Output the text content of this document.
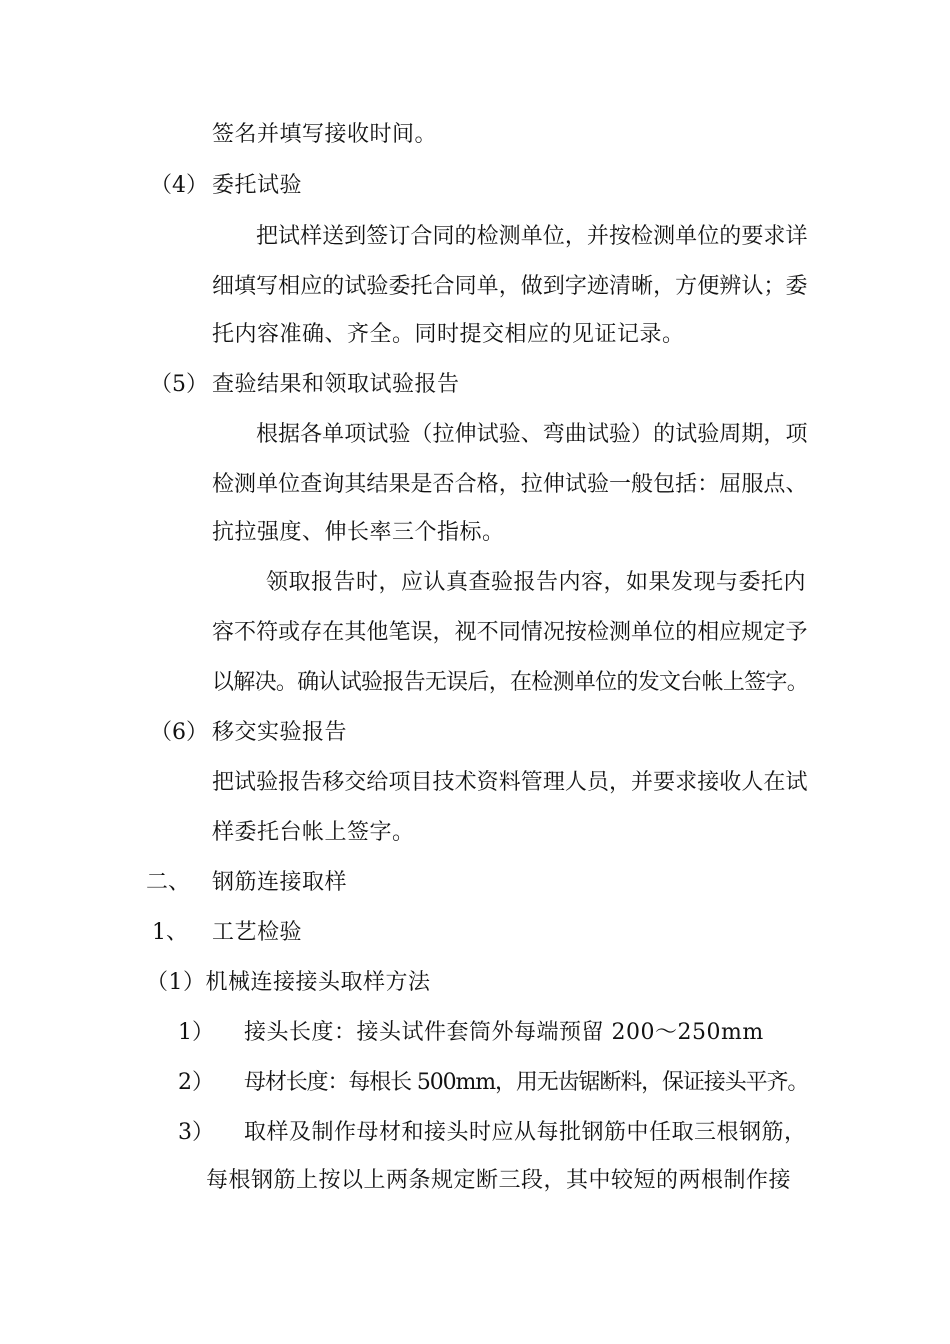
签名并填写接收时间。
（4） 委托试验
把试样送到签订合同的检测单位，并按检测单位的要求详
细填写相应的试验委托合同单，做到字迹清晰，方便辨认；委
托内容准确、齐全。同时提交相应的见证记录。
（5） 查验结果和领取试验报告
根据各单项试验（拉伸试验、弯曲试验）的试验周期，项
检测单位查询其结果是否合格，拉伸试验一般包括：屈服点、
抗拉强度、伸长率三个指标。
领取报告时，应认真查验报告内容，如果发现与委托内
容不符或存在其他笔误，视不同情况按检测单位的相应规定予
以解决。确认试验报告无误后，在检测单位的发文台帐上签字。
（6） 移交实验报告
把试验报告移交给项目技术资料管理人员，并要求接收人在试
样委托台帐上签字。
二、 钢筋连接取样
1、 工艺检验
（1）机械连接接头取样方法
1） 接头长度：接头试件套筒外每端预留 200～250mm
2） 母材长度：每根长 500mm，用无齿锯断料，保证接头平齐。
3） 取样及制作母材和接头时应从每批钢筋中任取三根钢筋，
每根钢筋上按以上两条规定断三段，其中较短的两根制作接
